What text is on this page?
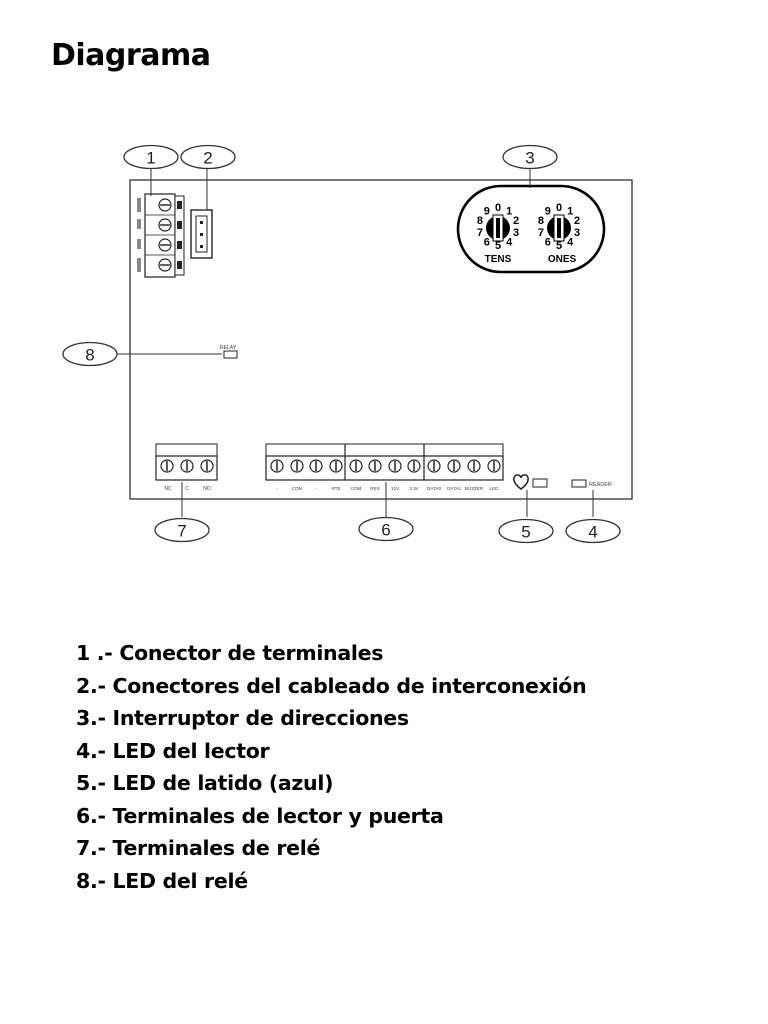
Diagrama
0 1
2
3
4
5
6
7
8
9
TENS
0 1
2
3
4
5
6
7
8
9
ONES
RELAY
NC	C	NO	-	COM	-	RTE COM REX 12V 3.3V DATA0 DATA1 BUZZER LED
READER
1	2	3
4
5
6
7
8
1 .- Conector de terminales
2.- Conectores del cableado de interconexión
3.- Interruptor de direcciones
4.- LED del lector
5.- LED de latido (azul)
6.- Terminales de lector y puerta
7.- Terminales de relé
8.- LED del relé
